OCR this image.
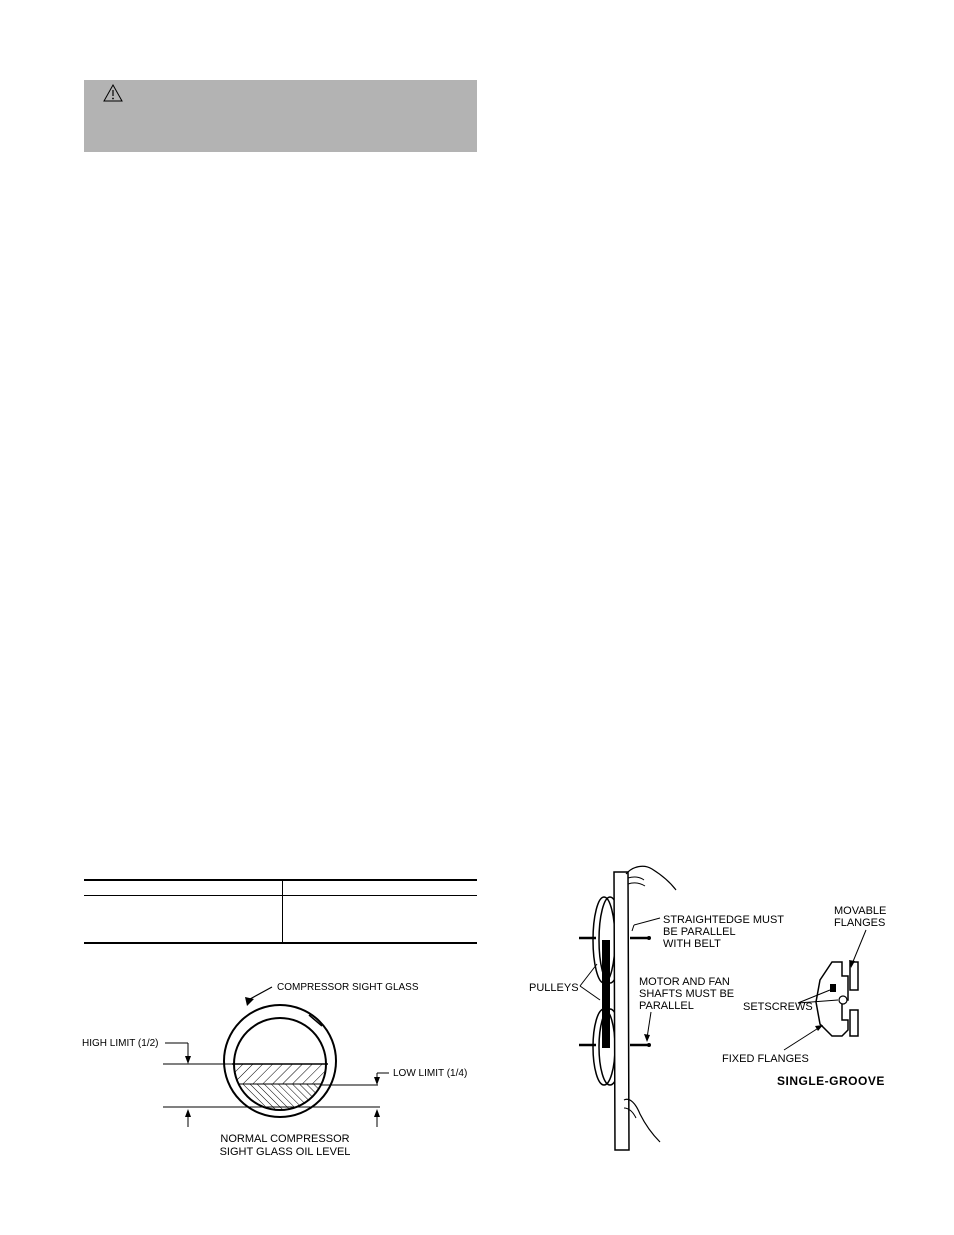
COMPRESSOR SIGHT GLASS
HIGH LIMIT (1/2)
LOW LIMIT (1/4)
NORMAL COMPRESSOR
SIGHT GLASS OIL LEVEL
STRAIGHTEDGE MUST
BE PARALLEL
WITH BELT
PULLEYS	MOTOR AND FAN
SHAFTS MUST BE
PARALLEL
MOVABLE
FLANGES
SETSCREWS
FIXED FLANGES
SINGLE-GROOVE
